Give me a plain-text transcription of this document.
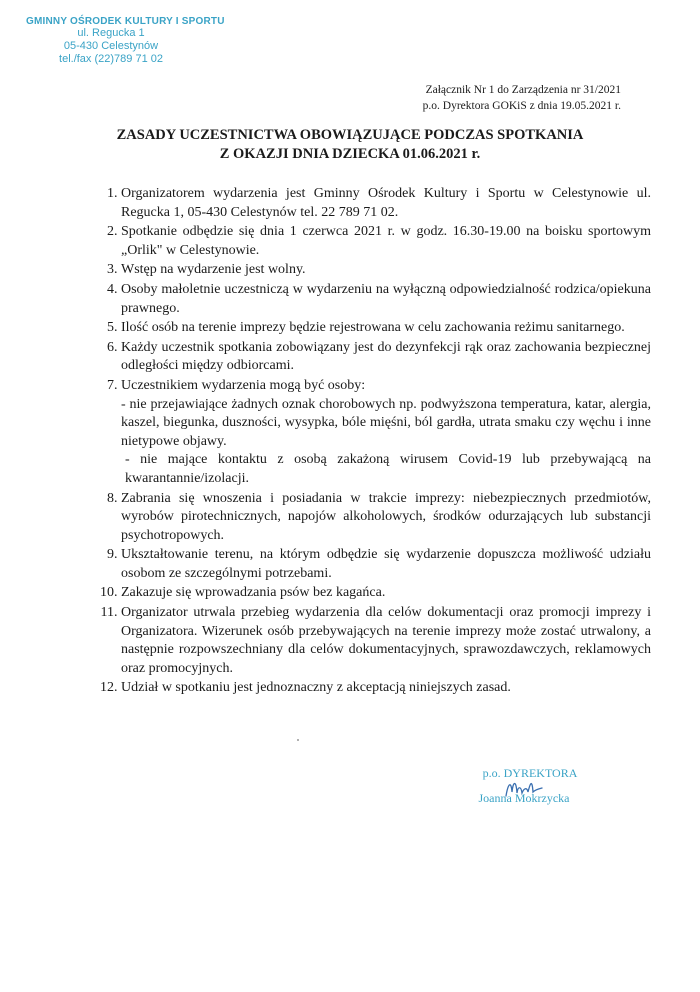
GMINNY OŚRODEK KULTURY I SPORTU
ul. Regucka 1
05-430 Celestynów
tel./fax (22)789 71 02
Załącznik Nr 1 do Zarządzenia nr 31/2021
p.o. Dyrektora GOKiS z dnia 19.05.2021 r.
ZASADY UCZESTNICTWA OBOWIĄZUJĄCE PODCZAS SPOTKANIA
Z OKAZJI DNIA DZIECKA 01.06.2021 r.
1. Organizatorem wydarzenia jest Gminny Ośrodek Kultury i Sportu w Celestynowie ul. Regucka 1, 05-430 Celestynów tel. 22 789 71 02.
2. Spotkanie odbędzie się dnia 1 czerwca 2021 r. w godz. 16.30-19.00 na boisku sportowym „Orlik" w Celestynowie.
3. Wstęp na wydarzenie jest wolny.
4. Osoby małoletnie uczestniczą w wydarzeniu na wyłączną odpowiedzialność rodzica/opiekuna prawnego.
5. Ilość osób na terenie imprezy będzie rejestrowana w celu zachowania reżimu sanitarnego.
6. Każdy uczestnik spotkania zobowiązany jest do dezynfekcji rąk oraz zachowania bezpiecznej odległości między odbiorcami.
7. Uczestnikiem wydarzenia mogą być osoby:
- nie przejawiające żadnych oznak chorobowych np. podwyższona temperatura, katar, alergia, kaszel, biegunka, duszności, wysypka, bóle mięśni, ból gardła, utrata smaku czy węchu i inne nietypowe objawy.
- nie mające kontaktu z osobą zakażoną wirusem Covid-19 lub przebywającą na kwarantannie/izolacji.
8. Zabrania się wnoszenia i posiadania w trakcie imprezy: niebezpiecznych przedmiotów, wyrobów pirotechnicznych, napojów alkoholowych, środków odurzających lub substancji psychotropowych.
9. Ukształtowanie terenu, na którym odbędzie się wydarzenie dopuszcza możliwość udziału osobom ze szczególnymi potrzebami.
10. Zakazuje się wprowadzania psów bez kagańca.
11. Organizator utrwala przebieg wydarzenia dla celów dokumentacji oraz promocji imprezy i Organizatora. Wizerunek osób przebywających na terenie imprezy może zostać utrwalony, a następnie rozpowszechniany dla celów dokumentacyjnych, sprawozdawczych, reklamowych oraz promocyjnych.
12. Udział w spotkaniu jest jednoznaczny z akceptacją niniejszych zasad.
p.o. DYREKTORA
Joanna Mokrzycka
